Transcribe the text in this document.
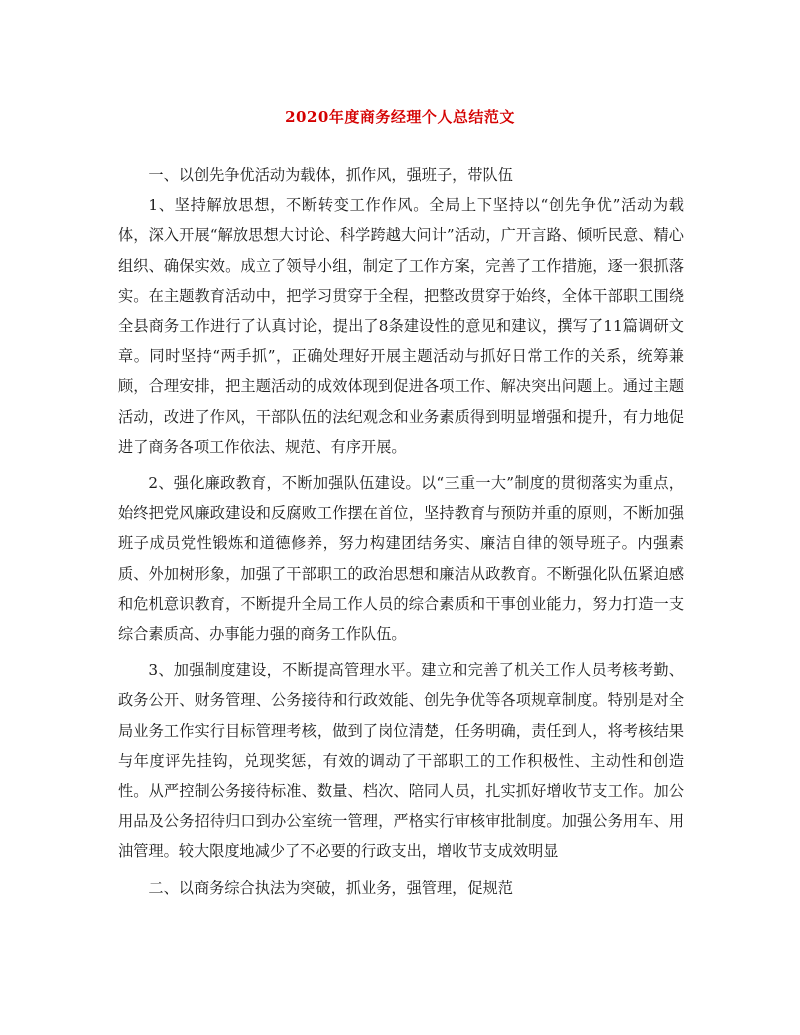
2020年度商务经理个人总结范文

一、以创先争优活动为载体，抓作风，强班子，带队伍

1、坚持解放思想，不断转变工作作风。全局上下坚持以“创先争优”活动为载体，深入开展“解放思想大讨论、科学跨越大问计”活动，广开言路、倾听民意、精心组织、确保实效。成立了领导小组，制定了工作方案，完善了工作措施，逐一狠抓落实。在主题教育活动中，把学习贯穿于全程，把整改贯穿于始终，全体干部职工围绕全县商务工作进行了认真讨论，提出了8条建设性的意见和建议，撰写了11篇调研文章。同时坚持“两手抓”，正确处理好开展主题活动与抓好日常工作的关系，统筹兼顾，合理安排，把主题活动的成效体现到促进各项工作、解决突出问题上。通过主题活动，改进了作风，干部队伍的法纪观念和业务素质得到明显增强和提升，有力地促进了商务各项工作依法、规范、有序开展。

2、强化廉政教育，不断加强队伍建设。以“三重一大”制度的贯彻落实为重点，始终把党风廉政建设和反腐败工作摆在首位，坚持教育与预防并重的原则，不断加强班子成员党性锻炼和道德修养，努力构建团结务实、廉洁自律的领导班子。内强素质、外加树形象，加强了干部职工的政治思想和廉洁从政教育。不断强化队伍紧迫感和危机意识教育，不断提升全局工作人员的综合素质和干事创业能力，努力打造一支综合素质高、办事能力强的商务工作队伍。

3、加强制度建设，不断提高管理水平。建立和完善了机关工作人员考核考勤、政务公开、财务管理、公务接待和行政效能、创先争优等各项规章制度。特别是对全局业务工作实行目标管理考核，做到了岗位清楚，任务明确，责任到人，将考核结果与年度评先挂钩，兑现奖惩，有效的调动了干部职工的工作积极性、主动性和创造性。从严控制公务接待标准、数量、档次、陪同人员，扎实抓好增收节支工作。加公用品及公务招待归口到办公室统一管理，严格实行审核审批制度。加强公务用车、用油管理。较大限度地减少了不必要的行政支出，增收节支成效明显

二、以商务综合执法为突破，抓业务，强管理，促规范
